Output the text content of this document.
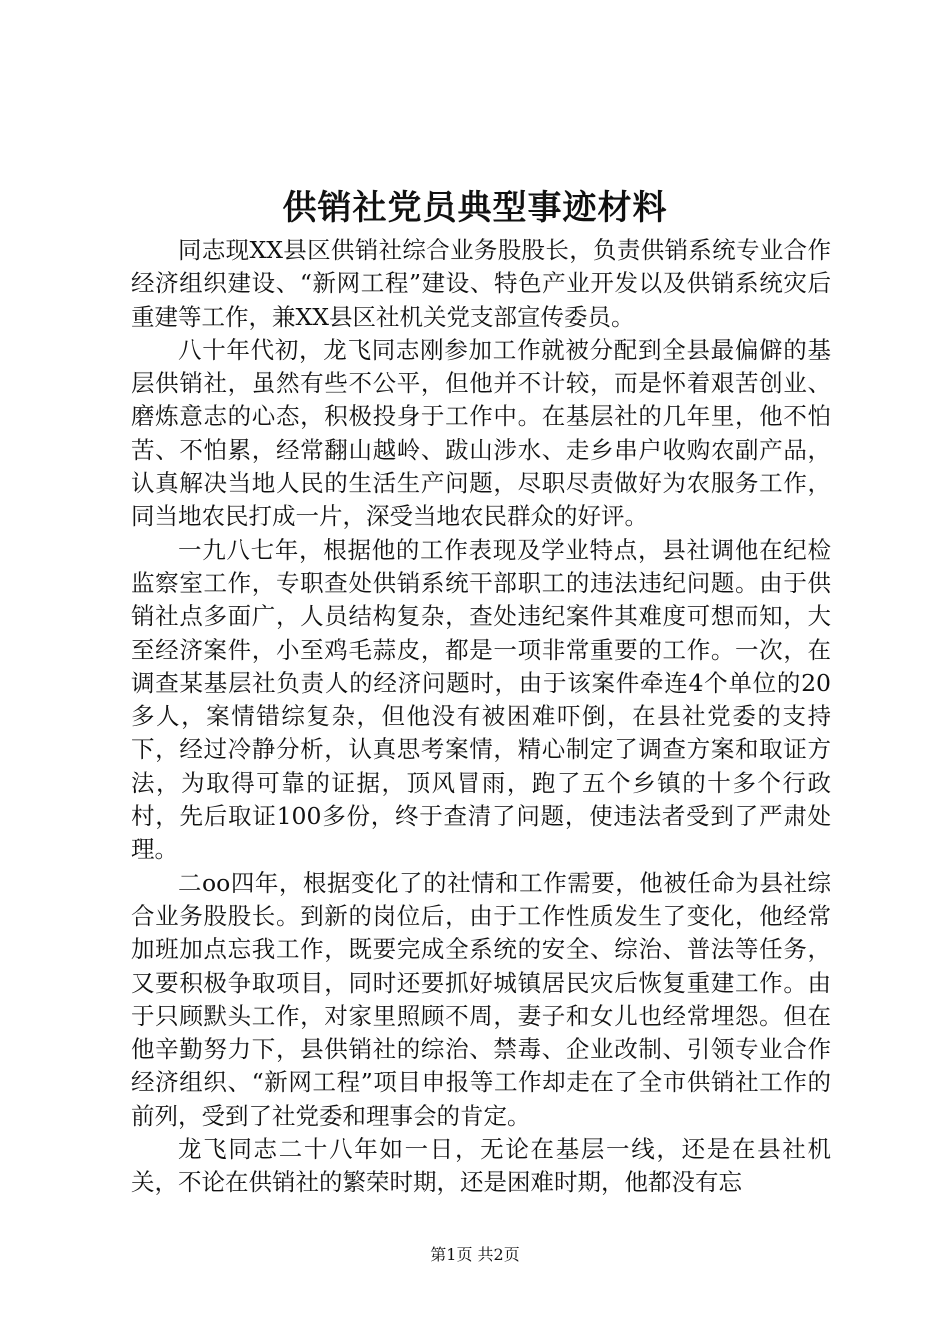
供销社党员典型事迹材料

同志现XX县区供销社综合业务股股长，负责供销系统专业合作经济组织建设、“新网工程”建设、特色产业开发以及供销系统灾后重建等工作，兼XX县区社机关党支部宣传委员。

八十年代初，龙飞同志刚参加工作就被分配到全县最偏僻的基层供销社，虽然有些不公平，但他并不计较，而是怀着艰苦创业、磨炼意志的心态，积极投身于工作中。在基层社的几年里，他不怕苦、不怕累，经常翻山越岭、跋山涉水、走乡串户收购农副产品，认真解决当地人民的生活生产问题，尽职尽责做好为农服务工作，同当地农民打成一片，深受当地农民群众的好评。

一九八七年，根据他的工作表现及学业特点，县社调他在纪检监察室工作，专职查处供销系统干部职工的违法违纪问题。由于供销社点多面广，人员结构复杂，查处违纪案件其难度可想而知，大至经济案件，小至鸡毛蒜皮，都是一项非常重要的工作。一次，在调查某基层社负责人的经济问题时，由于该案件牵连4个单位的20多人，案情错综复杂，但他没有被困难吓倒，在县社党委的支持下，经过冷静分析，认真思考案情，精心制定了调查方案和取证方法，为取得可靠的证据，顶风冒雨，跑了五个乡镇的十多个行政村，先后取证100多份，终于查清了问题，使违法者受到了严肃处理。

二oo四年，根据变化了的社情和工作需要，他被任命为县社综合业务股股长。到新的岗位后，由于工作性质发生了变化，他经常加班加点忘我工作，既要完成全系统的安全、综治、普法等任务，又要积极争取项目，同时还要抓好城镇居民灾后恢复重建工作。由于只顾默头工作，对家里照顾不周，妻子和女儿也经常埋怨。但在他辛勤努力下，县供销社的综治、禁毒、企业改制、引领专业合作经济组织、“新网工程”项目申报等工作却走在了全市供销社工作的前列，受到了社党委和理事会的肯定。

龙飞同志二十八年如一日，无论在基层一线，还是在县社机关，不论在供销社的繁荣时期，还是困难时期，他都没有忘

第1页 共2页
